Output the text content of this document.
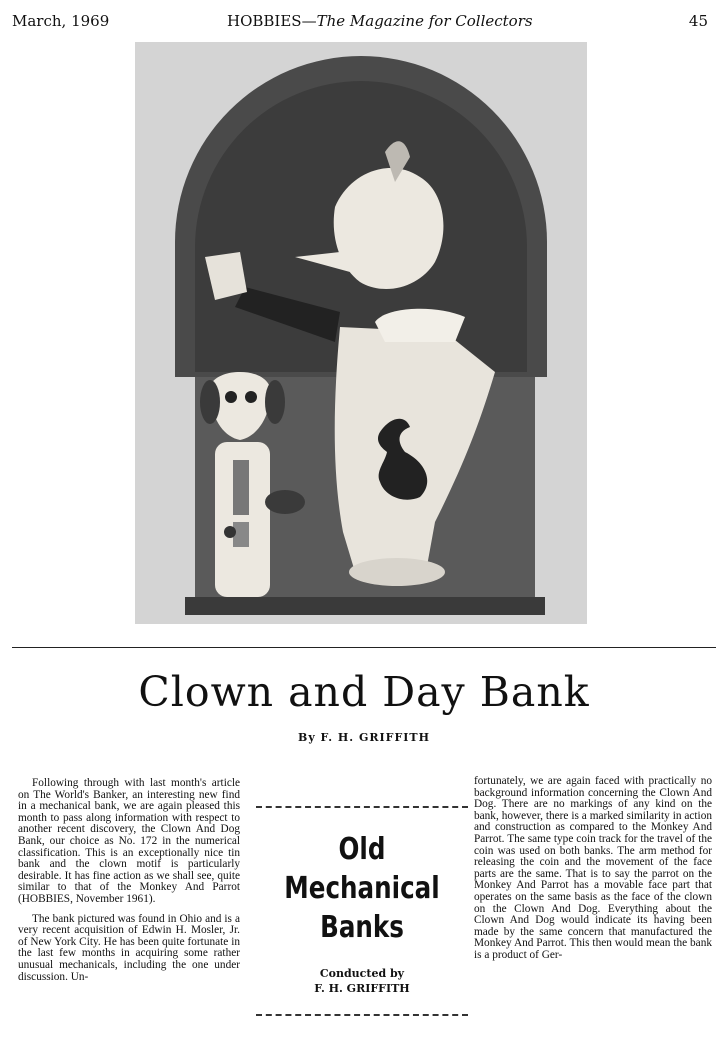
March, 1969	HOBBIES—The Magazine for Collectors	45
Clown and Day Bank
By F. H. GRIFFITH

Following through with last month's article on The World's Banker, an interesting new find in a mechanical bank, we are again pleased this month to pass along information with respect to another recent discovery, the Clown And Dog Bank, our choice as No. 172 in the numerical classification. This is an exceptionally nice tin bank and the clown motif is particularly desirable. It has fine action as we shall see, quite similar to that of the Monkey And Parrot (HOBBIES, November 1961).

The bank pictured was found in Ohio and is a very recent acquisition of Edwin H. Mosler, Jr. of New York City. He has been quite fortunate in the last few months in acquiring some rather unusual mechanicals, including the one under discussion. Un-

Old
Mechanical
Banks
Conducted by
F. H. GRIFFITH

fortunately, we are again faced with practically no background information concerning the Clown And Dog. There are no markings of any kind on the bank, however, there is a marked similarity in action and construction as compared to the Monkey And Parrot. The same type coin track for the travel of the coin was used on both banks. The arm method for releasing the coin and the movement of the face parts are the same. That is to say the parrot on the Monkey And Parrot has a movable face part that operates on the same basis as the face of the clown on the Clown And Dog. Everything about the Clown And Dog would indicate its having been made by the same concern that manufactured the Monkey And Parrot. This then would mean the bank is a product of Ger-
